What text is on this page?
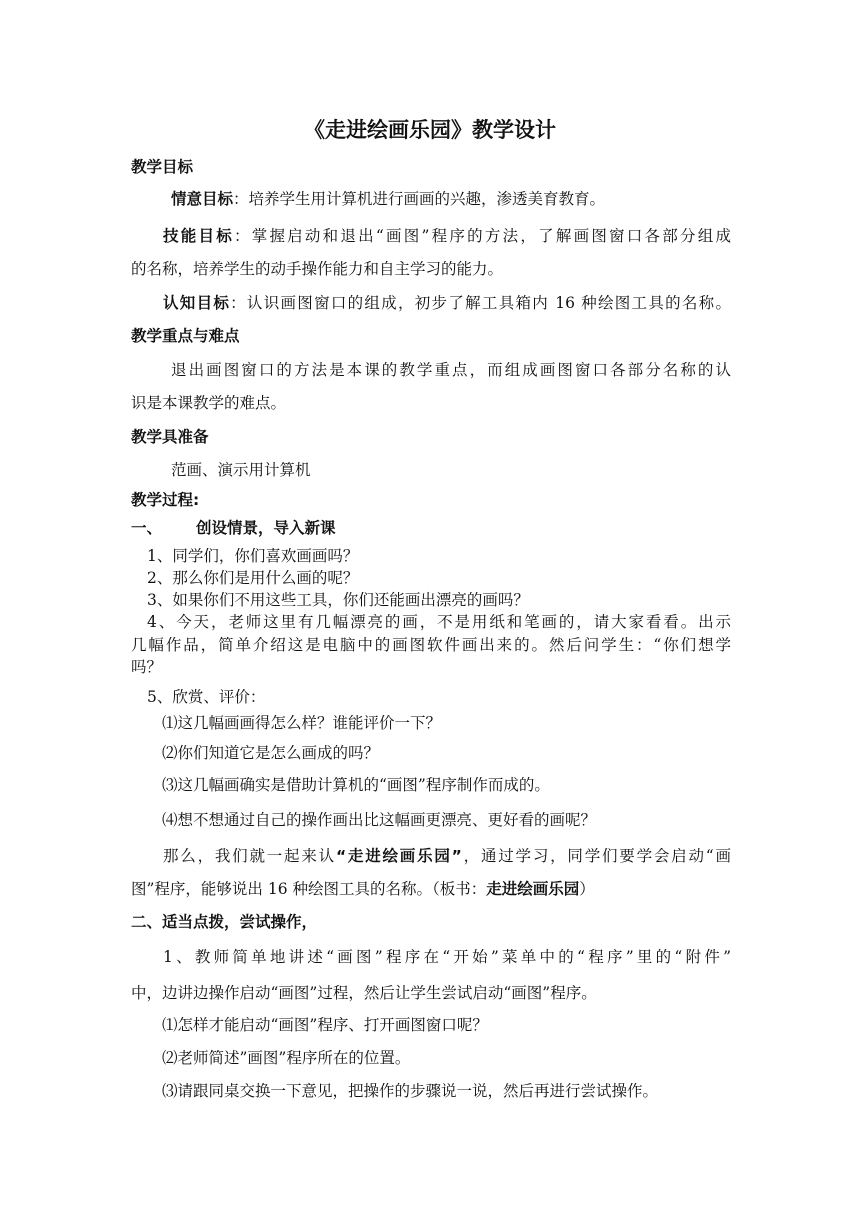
《走进绘画乐园》教学设计
教学目标
情意目标：培养学生用计算机进行画画的兴趣，渗透美育教育。
技能目标：掌握启动和退出“画图”程序的方法，了解画图窗口各部分组成
的名称，培养学生的动手操作能力和自主学习的能力。
认知目标：认识画图窗口的组成，初步了解工具箱内 16 种绘图工具的名称。
教学重点与难点
退出画图窗口的方法是本课的教学重点，而组成画图窗口各部分名称的认
识是本课教学的难点。
教学具准备
范画、演示用计算机
教学过程:
一、 创设情景，导入新课
1、同学们，你们喜欢画画吗？
2、那么你们是用什么画的呢？
3、如果你们不用这些工具，你们还能画出漂亮的画吗？
4、今天，老师这里有几幅漂亮的画，不是用纸和笔画的，请大家看看。出示
几幅作品，简单介绍这是电脑中的画图软件画出来的。然后问学生：“你们想学
吗？
5、欣赏、评价：
⑴这几幅画画得怎么样？谁能评价一下？
⑵你们知道它是怎么画成的吗？
⑶这几幅画确实是借助计算机的“画图”程序制作而成的。
⑷想不想通过自己的操作画出比这幅画更漂亮、更好看的画呢？
那么，我们就一起来认“走进绘画乐园”，通过学习，同学们要学会启动“画
图”程序，能够说出 16 种绘图工具的名称。（板书：走进绘画乐园）
二、适当点拨，尝试操作，
1、教师简单地讲述“画图”程序在“开始”菜单中的“程序”里的“附件”
中，边讲边操作启动“画图”过程，然后让学生尝试启动“画图”程序。
⑴怎样才能启动“画图”程序、打开画图窗口呢？
⑵老师简述”画图”程序所在的位置。
⑶请跟同桌交换一下意见，把操作的步骤说一说，然后再进行尝试操作。
